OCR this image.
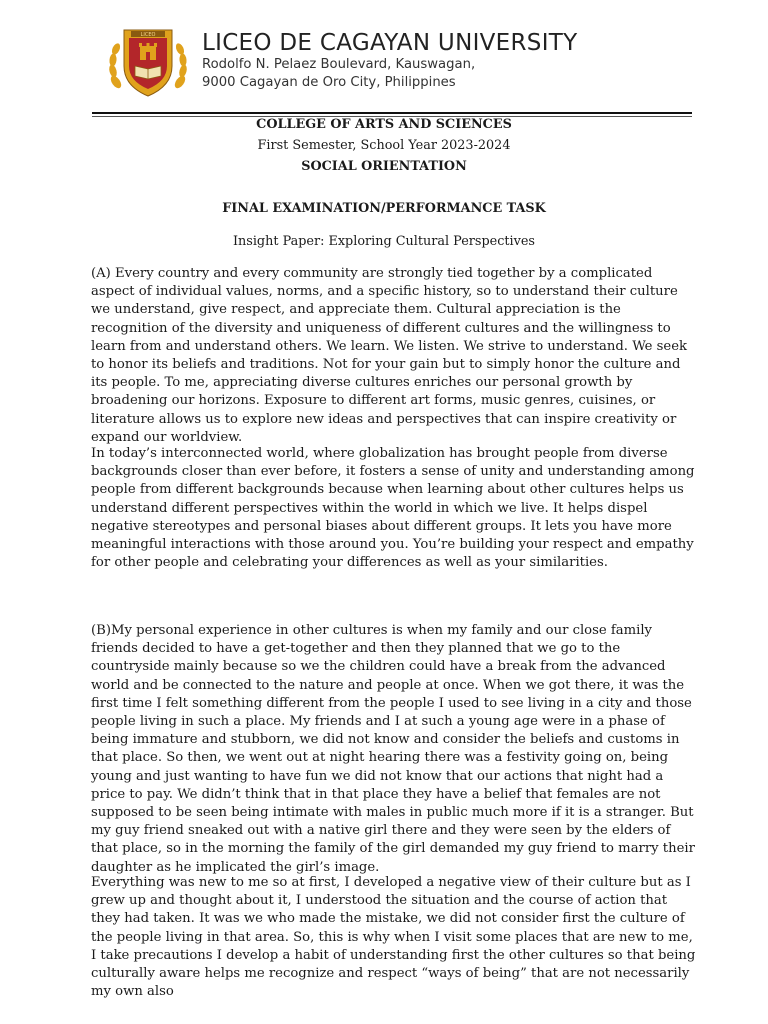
LICEO LICEO DE CAGAYAN UNIVERSITY
Rodolfo N. Pelaez Boulevard, Kauswagan,
9000 Cagayan de Oro City, Philippines
COLLEGE OF ARTS AND SCIENCES
First Semester, School Year 2023-2024
SOCIAL ORIENTATION
FINAL EXAMINATION/PERFORMANCE TASK
Insight Paper: Exploring Cultural Perspectives

(A) Every country and every community are strongly tied together by a complicated aspect of individual values, norms, and a specific history, so to understand their culture we understand, give respect, and appreciate them. Cultural appreciation is the recognition of the diversity and uniqueness of different cultures and the willingness to learn from and understand others. We learn. We listen. We strive to understand. We seek to honor its beliefs and traditions. Not for your gain but to simply honor the culture and its people. To me, appreciating diverse cultures enriches our personal growth by broadening our horizons. Exposure to different art forms, music genres, cuisines, or literature allows us to explore new ideas and perspectives that can inspire creativity or expand our worldview.

In today’s interconnected world, where globalization has brought people from diverse backgrounds closer than ever before, it fosters a sense of unity and understanding among people from different backgrounds because when learning about other cultures helps us understand different perspectives within the world in which we live. It helps dispel negative stereotypes and personal biases about different groups. It lets you have more meaningful interactions with those around you. You’re building your respect and empathy for other people and celebrating your differences as well as your similarities.

(B)My personal experience in other cultures is when my family and our close family friends decided to have a get-together and then they planned that we go to the countryside mainly because so we the children could have a break from the advanced world and be connected to the nature and people at once. When we got there, it was the first time I felt something different from the people I used to see living in a city and those people living in such a place. My friends and I at such a young age were in a phase of being immature and stubborn, we did not know and consider the beliefs and customs in that place. So then, we went out at night hearing there was a festivity going on, being young and just wanting to have fun we did not know that our actions that night had a price to pay. We didn’t think that in that place they have a belief that females are not supposed to be seen being intimate with males in public much more if it is a stranger. But my guy friend sneaked out with a native girl there and they were seen by the elders of that place, so in the morning the family of the girl demanded my guy friend to marry their daughter as he implicated the girl’s image.

Everything was new to me so at first, I developed a negative view of their culture but as I grew up and thought about it, I understood the situation and the course of action that they had taken. It was we who made the mistake, we did not consider first the culture of the people living in that area. So, this is why when I visit some places that are new to me, I take precautions I develop a habit of understanding first the other cultures so that being culturally aware helps me recognize and respect “ways of being” that are not necessarily my own also
